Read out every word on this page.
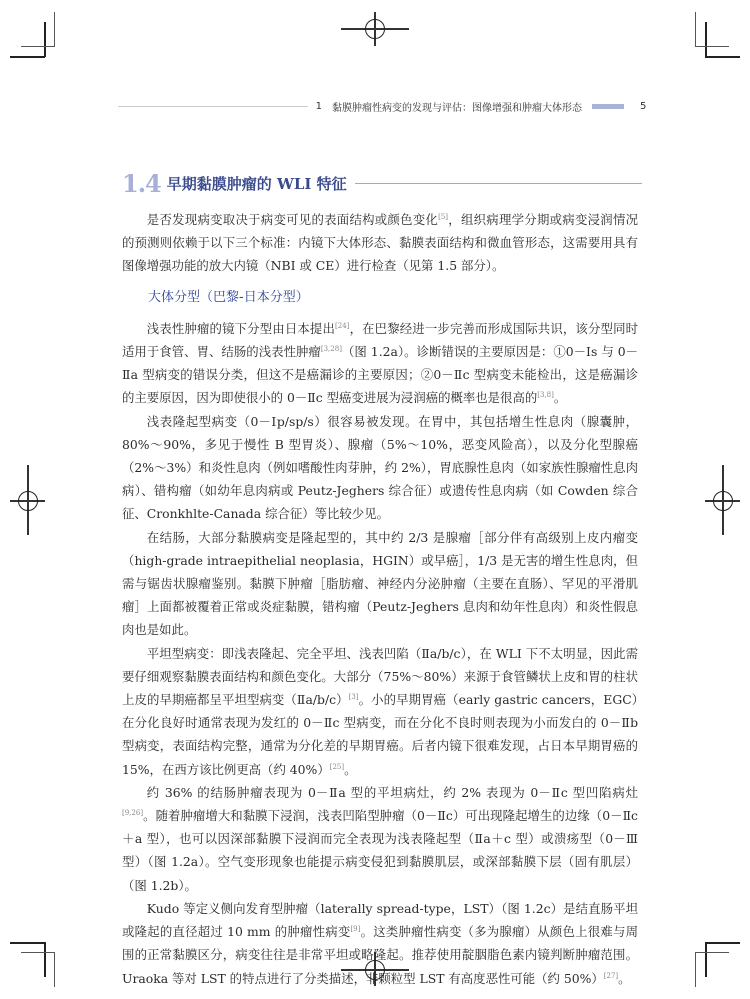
1 黏膜肿瘤性病变的发现与评估：图像增强和肿瘤大体形态	5
1.4 早期黏膜肿瘤的 WLI 特征

是否发现病变取决于病变可见的表面结构或颜色变化[5]，组织病理学分期或病变浸润情况的预测则依赖于以下三个标准：内镜下大体形态、黏膜表面结构和微血管形态，这需要用具有图像增强功能的放大内镜（NBI 或 CE）进行检查（见第 1.5 部分）。

大体分型（巴黎-日本分型）

浅表性肿瘤的镜下分型由日本提出[24]，在巴黎经进一步完善而形成国际共识，该分型同时适用于食管、胃、结肠的浅表性肿瘤[3,28]（图 1.2a）。诊断错误的主要原因是：①0－Ⅰs 与 0－Ⅱa 型病变的错误分类，但这不是癌漏诊的主要原因；②0－Ⅱc 型病变未能检出，这是癌漏诊的主要原因，因为即使很小的 0－Ⅱc 型癌变进展为浸润癌的概率也是很高的[3,8]。

浅表隆起型病变（0－Ⅰp/sp/s）很容易被发现。在胃中，其包括增生性息肉（腺囊肿，80%～90%，多见于慢性 B 型胃炎）、腺瘤（5%～10%，恶变风险高），以及分化型腺癌（2%～3%）和炎性息肉（例如嗜酸性肉芽肿，约 2%），胃底腺性息肉（如家族性腺瘤性息肉病）、错构瘤（如幼年息肉病或 Peutz-Jeghers 综合征）或遗传性息肉病（如 Cowden 综合征、Cronkhlte-Canada 综合征）等比较少见。

在结肠，大部分黏膜病变是隆起型的，其中约 2/3 是腺瘤［部分伴有高级别上皮内瘤变（high-grade intraepithelial neoplasia，HGIN）或早癌］，1/3 是无害的增生性息肉，但需与锯齿状腺瘤鉴别。黏膜下肿瘤［脂肪瘤、神经内分泌肿瘤（主要在直肠）、罕见的平滑肌瘤］上面都被覆着正常或炎症黏膜，错构瘤（Peutz-Jeghers 息肉和幼年性息肉）和炎性假息肉也是如此。

平坦型病变：即浅表隆起、完全平坦、浅表凹陷（Ⅱa/b/c），在 WLI 下不太明显，因此需要仔细观察黏膜表面结构和颜色变化。大部分（75%～80%）来源于食管鳞状上皮和胃的柱状上皮的早期癌都呈平坦型病变（Ⅱa/b/c）[3]。小的早期胃癌（early gastric cancers，EGC）在分化良好时通常表现为发红的 0－Ⅱc 型病变，而在分化不良时则表现为小而发白的 0－Ⅱb 型病变，表面结构完整，通常为分化差的早期胃癌。后者内镜下很难发现，占日本早期胃癌的 15%，在西方该比例更高（约 40%）[25]。

约 36% 的结肠肿瘤表现为 0－Ⅱa 型的平坦病灶，约 2% 表现为 0－Ⅱc 型凹陷病灶[9,26]。随着肿瘤增大和黏膜下浸润，浅表凹陷型肿瘤（0－Ⅱc）可出现隆起增生的边缘（0－Ⅱc＋a 型），也可以因深部黏膜下浸润而完全表现为浅表隆起型（Ⅱa＋c 型）或溃疡型（0－Ⅲ 型）（图 1.2a）。空气变形现象也能提示病变侵犯到黏膜肌层，或深部黏膜下层（固有肌层）（图 1.2b）。

Kudo 等定义侧向发育型肿瘤（laterally spread-type，LST）（图 1.2c）是结直肠平坦或隆起的直径超过 10 mm 的肿瘤性病变[9]。这类肿瘤性病变（多为腺瘤）从颜色上很难与周围的正常黏膜区分，病变往往是非常平坦或略隆起。推荐使用靛胭脂色素内镜判断肿瘤范围。Uraoka 等对 LST 的特点进行了分类描述，非颗粒型 LST 有高度恶性可能（约 50%）[27]。
